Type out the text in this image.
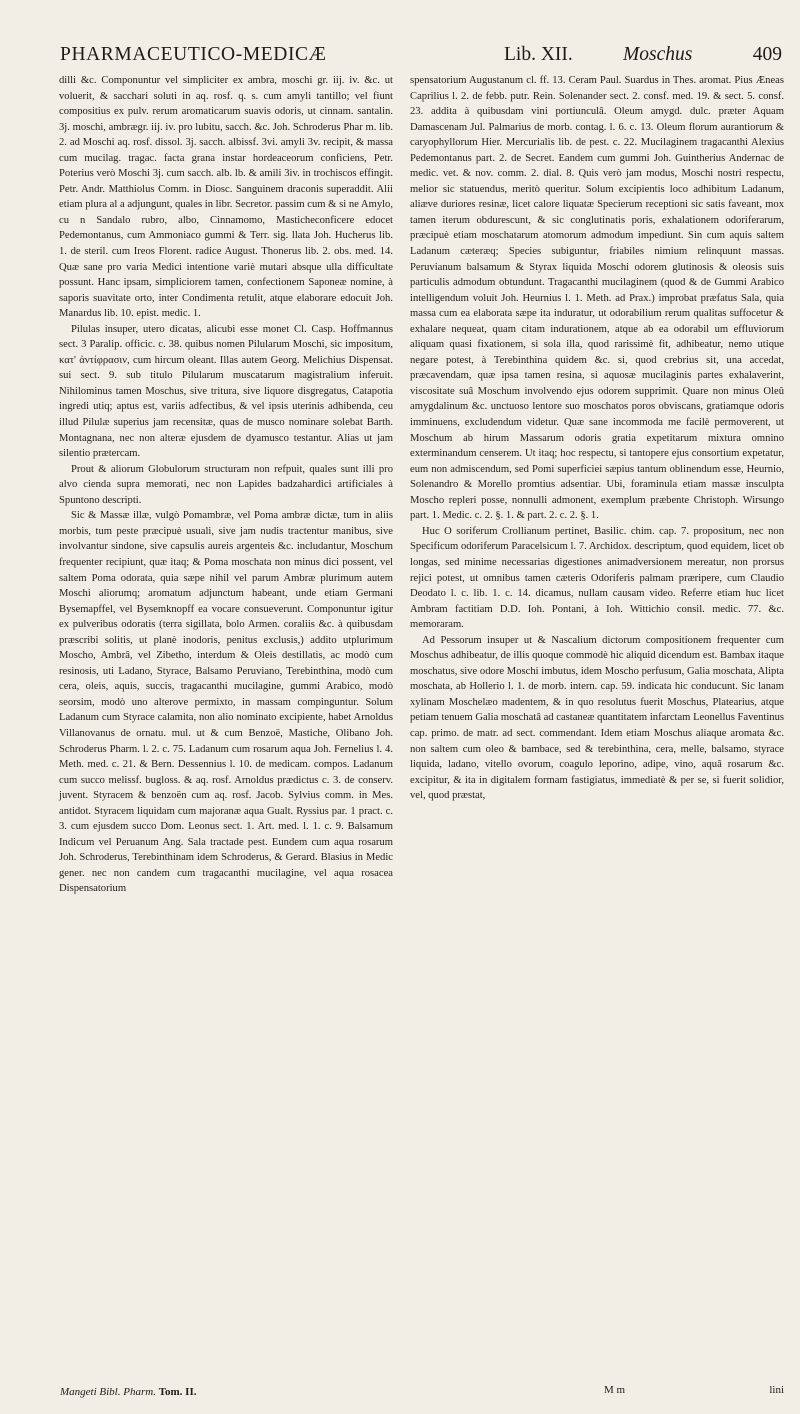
PHARMACEUTICO-MEDICÆ	Lib. XII.	Moschus	409

dilli &c. Componuntur vel simpliciter ex ambra, moschi gr. iij. iv. &c. ut voluerit, & sacchari soluti in aq. rosf. q. s. cum amyli tantillo; vel fiunt compositius ex pulv. rerum aromaticarum suavis odoris, ut cinnam. santalin. 3j. moschi, ambrægr. iij. iv. pro lubitu, sacch. &c. Joh. Schroderus Phar m. lib. 2. ad Moschi aq. rosf. dissol. 3j. sacch. albissf. 3vi. amyli 3v. recipit, & massa cum mucilag. tragac. facta grana instar hordeaceorum conficiens, Petr. Poterius verò Moschi 3j. cum sacch. alb. lb. & amili 3iv. in trochiscos effingit. Petr. Andr. Matthiolus Comm. in Diosc. Sanguinem draconis superaddit. Alii etiam plura al a adjungunt, quales in libr. Secretor. passim cum & si ne Amylo, cu n Sandalo rubro, albo, Cinnamomo, Masticheconficere edocet Pedemontanus, cum Ammoniaco gummi & Terr. sig. llata Joh. Hucherus lib. 1. de steril. cum Ireos Florent. radice August. Thonerus lib. 2. obs. med. 14. Quæ sane pro varia Medici intentione variè mutari absque ulla difficultate possunt. Hanc ipsam, simpliciorem tamen, confectionem Saponeæ nomine, à saporis suavitate orto, inter Condimenta retulit, atque elaborare edocuit Joh. Manardus lib. 10. epist. medic. 1.

Pilulas insuper, utero dicatas, alicubi esse monet Cl. Casp. Hoffmannus sect. 3 Paralip. officic. c. 38. quibus nomen Pilularum Moschi, sic impositum, κατ' ἀντίφρασιν, cum hircum oleant. Illas autem Georg. Melichius Dispensat. sui sect. 9. sub titulo Pilularum muscatarum magistralium inferuit. Nihilominus tamen Moschus, sive tritura, sive liquore disgregatus, Catapotia ingredi utiq; aptus est, variis adfectibus, & vel ipsis uterinis adhibenda, ceu illud Pilulæ superius jam recensitæ, quas de musco nominare solebat Barth. Montagnana, nec non alteræ ejusdem de dyamusco testantur. Alias ut jam silentio prætercam.

Prout & aliorum Globulorum structuram non refpuit, quales sunt illi pro alvo cienda supra memorati, nec non Lapides badzahardici artificiales à Spuntono descripti.

Sic & Massæ illæ, vulgò Pomambræ, vel Poma ambræ dictæ, tum in aliis morbis, tum peste præcipuè usuali, sive jam nudis tractentur manibus, sive involvantur sindone, sive capsulis aureis argenteis &c. includantur, Moschum frequenter recipiunt, quæ itaq; & Poma moschata non minus dici possent, vel saltem Poma odorata, quia sæpe nihil vel parum Ambræ plurimum autem Moschi aliorumq; aromatum adjunctum habeant, unde etiam Germani Bysemapffel, vel Bysemknopff ea vocare consueverunt. Componuntur igitur ex pulveribus odoratis (terra sigillata, bolo Armen. coraliis &c. à quibusdam præscribi solitis, ut planè inodoris, penitus exclusis,) addito utplurimum Moscho, Ambrâ, vel Zibetho, interdum & Oleis destillatis, ac modò cum resinosis, uti Ladano, Styrace, Balsamo Peruviano, Terebinthina, modò cum cera, oleis, aquis, succis, tragacanthi mucilagine, gummi Arabico, modò seorsim, modò uno alterove permixto, in massam compinguntur. Solum Ladanum cum Styrace calamita, non alio nominato excipiente, habet Arnoldus Villanovanus de ornatu. mul. ut & cum Benzoë, Mastiche, Olibano Joh. Schroderus Pharm. l. 2. c. 75. Ladanum cum rosarum aqua Joh. Fernelius l. 4. Meth. med. c. 21. & Bern. Dessennius l. 10. de medicam. compos. Ladanum cum succo melissf. bugloss. & aq. rosf. Arnoldus prædictus c. 3. de conserv. juvent. Styracem & benzoën cum aq. rosf. Jacob. Sylvius comm. in Mes. antidot. Styracem liquidam cum majoranæ aqua Gualt. Ryssius par. 1 pract. c. 3. cum ejusdem succo Dom. Leonus sect. 1. Art. med. l. 1. c. 9. Balsamum Indicum vel Peruanum Ang. Sala tractade pest. Eundem cum aqua rosarum Joh. Schroderus, Terebinthinam idem Schroderus, & Gerard. Blasius in Medic gener. nec non candem cum tragacanthi mucilagine, vel aqua rosacea Dispensatorium

spensatorium Augustanum cl. ff. 13. Ceram Paul. Suardus in Thes. aromat. Pius Æneas Caprilius l. 2. de febb. putr. Rein. Solenander sect. 2. consf. med. 19. & sect. 5. consf. 23. addita à quibusdam vini portiunculâ. Oleum amygd. dulc. præter Aquam Damascenam Jul. Palmarius de morb. contag. l. 6. c. 13. Oleum florum aurantiorum & caryophyllorum Hier. Mercurialis lib. de pest. c. 22. Mucilaginem tragacanthi Alexius Pedemontanus part. 2. de Secret. Eandem cum gummi Joh. Guintherius Andernac de medic. vet. & nov. comm. 2. dial. 8. Quis verò jam modus, Moschi nostri respectu, melior sic statuendus, meritò queritur. Solum excipientis loco adhibitum Ladanum, aliæve duriores resinæ, licet calore liquatæ Specierum receptioni sic satis faveant, mox tamen iterum obdurescunt, & sic conglutinatis poris, exhalationem odoriferarum, præcipuè etiam moschatarum atomorum admodum impediunt. Sin cum aquis saltem Ladanum cæteræq; Species subiguntur, friabiles nimium relinquunt massas. Peruvianum balsamum & Styrax liquida Moschi odorem glutinosis & oleosis suis particulis admodum obtundunt. Tragacanthi mucilaginem (quod & de Gummi Arabico intelligendum voluit Joh. Heurnius l. 1. Meth. ad Prax.) improbat præfatus Sala, quia massa cum ea elaborata sæpe ita induratur, ut odorabilium rerum qualitas suffocetur & exhalare nequeat, quam citam indurationem, atque ab ea odorabil um effluviorum aliquam quasi fixationem, si sola illa, quod rarissimè fit, adhibeatur, nemo utique negare potest, à Terebinthina quidem &c. si, quod crebrius sit, una accedat, præcavendam, quæ ipsa tamen resina, si aquosæ mucilaginis partes exhalaverint, viscositate suâ Moschum involvendo ejus odorem supprimit. Quare non minus Oleû amygdalinum &c. unctuoso lentore suo moschatos poros obviscans, gratiamque odoris imminuens, excludendum videtur. Quæ sane incommoda me facilè permoverent, ut Moschum ab hirum Massarum odoris gratia expetitarum mixtura omnino exterminandum censerem. Ut itaq; hoc respectu, si tantopere ejus consortium expetatur, eum non admiscendum, sed Pomi superficiei sæpius tantum oblinendum esse, Heurnio, Solenandro & Morello promtius adsentiar. Ubi, foraminula etiam massæ insculpta Moscho repleri posse, nonnulli admonent, exemplum præbente Christoph. Wirsungo part. 1. Medic. c. 2. §. 1. & part. 2. c. 2. §. 1.

Huc O soriferum Crollianum pertinet, Basilic. chim. cap. 7. propositum, nec non Specificum odoriferum Paracelsicum l. 7. Archidox. descriptum, quod equidem, licet ob longas, sed minime necessarias digestiones animadversionem mereatur, non prorsus rejici potest, ut omnibus tamen cæteris Odoriferis palmam præripere, cum Claudio Deodato l. c. lib. 1. c. 14. dicamus, nullam causam video. Referre etiam huc licet Ambram factitiam D.D. Ioh. Pontani, à Ioh. Wittichio consil. medic. 77. &c. memoraram.

Ad Pessorum insuper ut & Nascalium dictorum compositionem frequenter cum Moschus adhibeatur, de illis quoque commodè hic aliquid dicendum est. Bambax itaque moschatus, sive odore Moschi imbutus, idem Moscho perfusum, Galia moschata, Alipta moschata, ab Hollerio l. 1. de morb. intern. cap. 59. indicata hic conducunt. Sic lanam xylinam Moschelæo madentem, & in quo resolutus fuerit Moschus, Platearius, atque petiam tenuem Galia moschatâ ad castaneæ quantitatem infarctam Leonellus Faventinus cap. primo. de matr. ad sect. commendant. Idem etiam Moschus aliaque aromata &c. non saltem cum oleo & bambace, sed & terebinthina, cera, melle, balsamo, styrace liquida, ladano, vitello ovorum, coagulo leporino, adipe, vino, aquâ rosarum &c. excipitur, & ita in digitalem formam fastigiatus, immediatè & per se, si fuerit solidior, vel, quod præstat,

Mangeti Bibl. Pharm. Tom. II.	M m	lini
